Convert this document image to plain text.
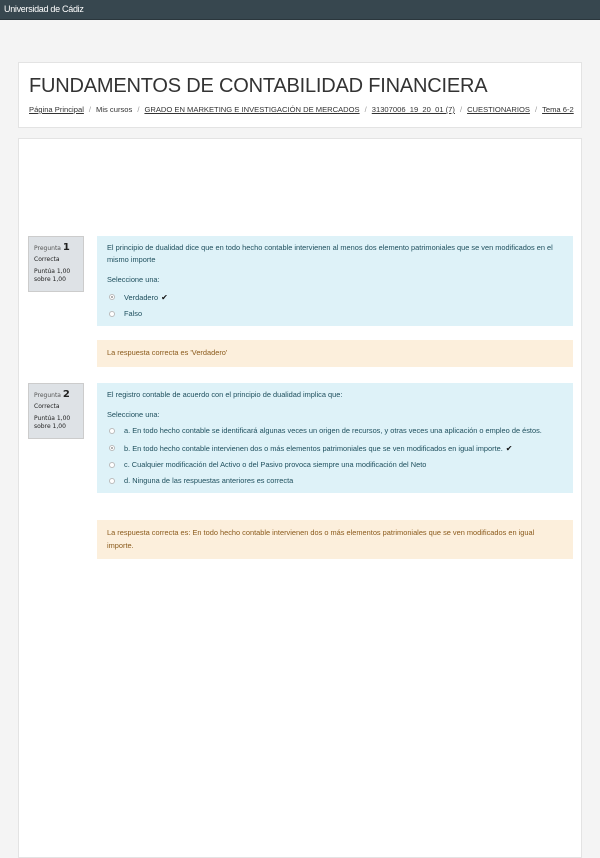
Universidad de Cádiz
FUNDAMENTOS DE CONTABILIDAD FINANCIERA
Página Principal / Mis cursos / GRADO EN MARKETING E INVESTIGACIÓN DE MERCADOS / 31307006_19_20_01 (7) / CUESTIONARIOS / Tema 6-2
Pregunta 1
Correcta
Puntúa 1,00 sobre 1,00
El principio de dualidad dice que en todo hecho contable intervienen al menos dos elemento patrimoniales que se ven modificados en el mismo importe
Seleccione una:
Verdadero ✔
Falso
La respuesta correcta es 'Verdadero'
Pregunta 2
Correcta
Puntúa 1,00 sobre 1,00
El registro contable de acuerdo con el principio de dualidad implica que:
Seleccione una:
a. En todo hecho contable se identificará algunas veces un origen de recursos, y otras veces una aplicación o empleo de éstos.
b. En todo hecho contable intervienen dos o más elementos patrimoniales que se ven modificados en igual importe. ✔
c. Cualquier modificación del Activo o del Pasivo provoca siempre una modificación del Neto
d. Ninguna de las respuestas anteriores es correcta
La respuesta correcta es: En todo hecho contable intervienen dos o más elementos patrimoniales que se ven modificados en igual importe.
